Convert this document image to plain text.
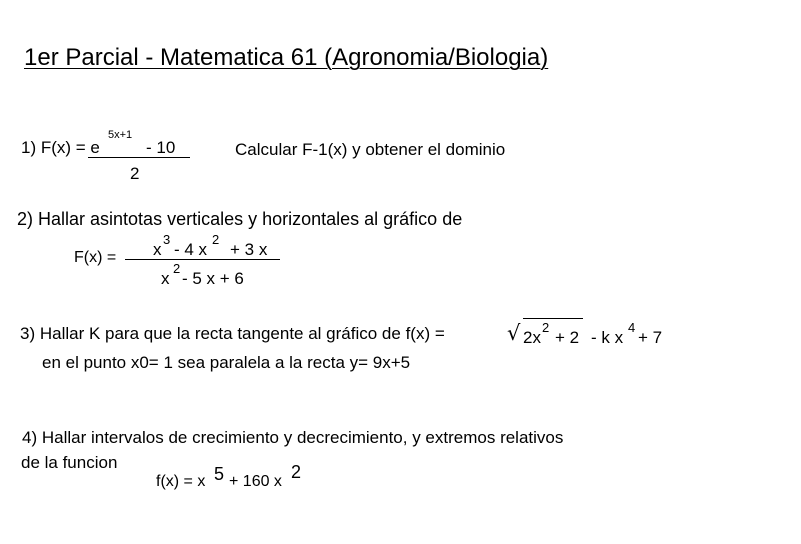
1er Parcial - Matematica 61 (Agronomia/Biologia)
1) F(x) = e
5x+1
- 10
2
Calcular F-1(x) y obtener el dominio
2) Hallar asintotas verticales y horizontales al gráfico de
F(x) = x
3
- 4 x
2
+ 3 x
x
2
- 5 x + 6
3) Hallar K para que la recta tangente al gráfico de f(x) =	√ 2x
2
+ 2 - k x
4
+ 7
en el punto x0= 1 sea paralela a la recta y= 9x+5
4) Hallar intervalos de crecimiento y decrecimiento, y extremos relativos
de la funcion
f(x) = x 5 + 160 x 2
